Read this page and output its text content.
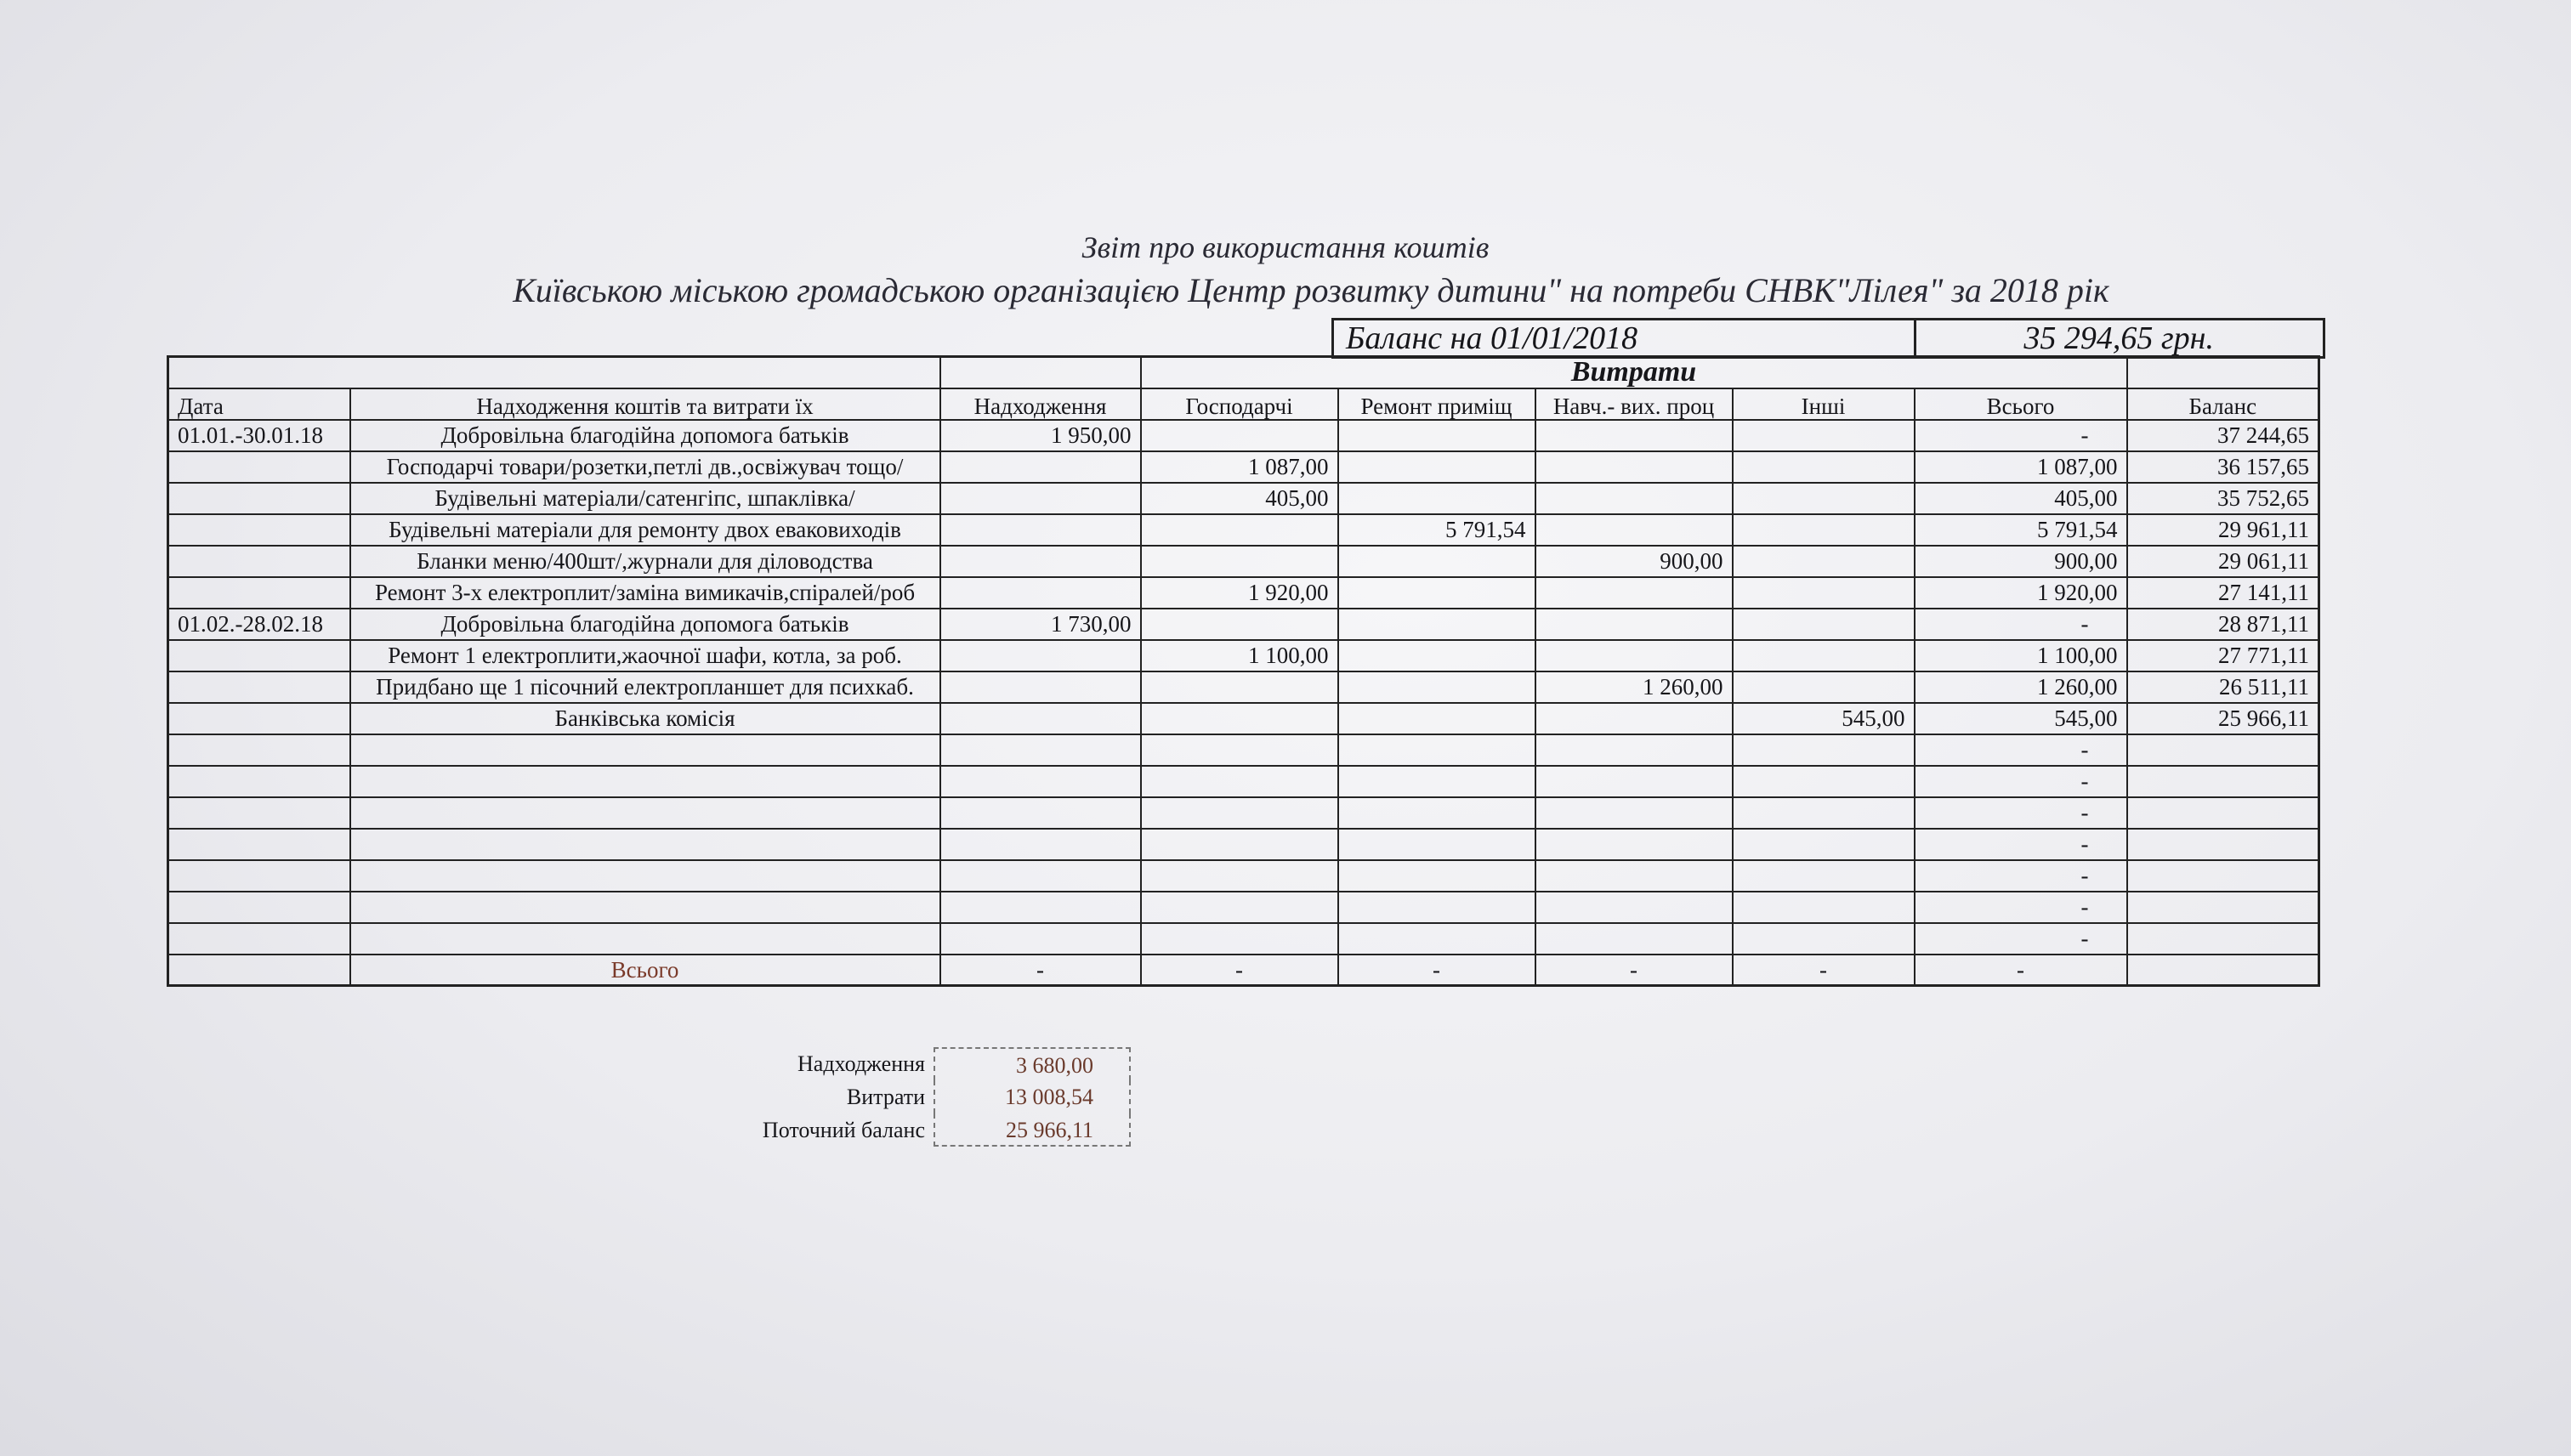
Звіт про використання коштів
Київською міською громадською організацією Центр розвитку дитини" на потреби СНВК"Лілея" за 2018 рік
Баланс на 01/01/2018	35 294,65 грн.
			Витрати					
Дата	Надходження коштів та витрати їх	Надходження	Господарчі	Ремонт приміщ	Навч.- вих. проц	Інші	Всього	Баланс
01.01.-30.01.18	Добровільна благодійна допомога батьків	1 950,00					-	37 244,65
	Господарчі товари/розетки,петлі дв.,освіжувач тощо/		1 087,00				1 087,00	36 157,65
	Будівельні матеріали/сатенгіпс, шпаклівка/		405,00				405,00	35 752,65
	Будівельні матеріали для ремонту двох еваковиходів			5 791,54			5 791,54	29 961,11
	Бланки меню/400шт/,журнали для діловодства				900,00		900,00	29 061,11
	Ремонт 3-х електроплит/заміна вимикачів,спіралей/роб		1 920,00				1 920,00	27 141,11
01.02.-28.02.18	Добровільна благодійна допомога батьків	1 730,00					-	28 871,11
	Ремонт 1 електроплити,жаочної шафи, котла, за роб.		1 100,00				1 100,00	27 771,11
	Придбано ще 1 пісочний електропланшет для психкаб.				1 260,00		1 260,00	26 511,11
	Банківська комісія					545,00	545,00	25 966,11
							-	
							-	
							-	
							-	
							-	
							-	
							-	
	Всього	-	-	-	-	-	-	
Надходження	3 680,00
Витрати	13 008,54
Поточний баланс	25 966,11
